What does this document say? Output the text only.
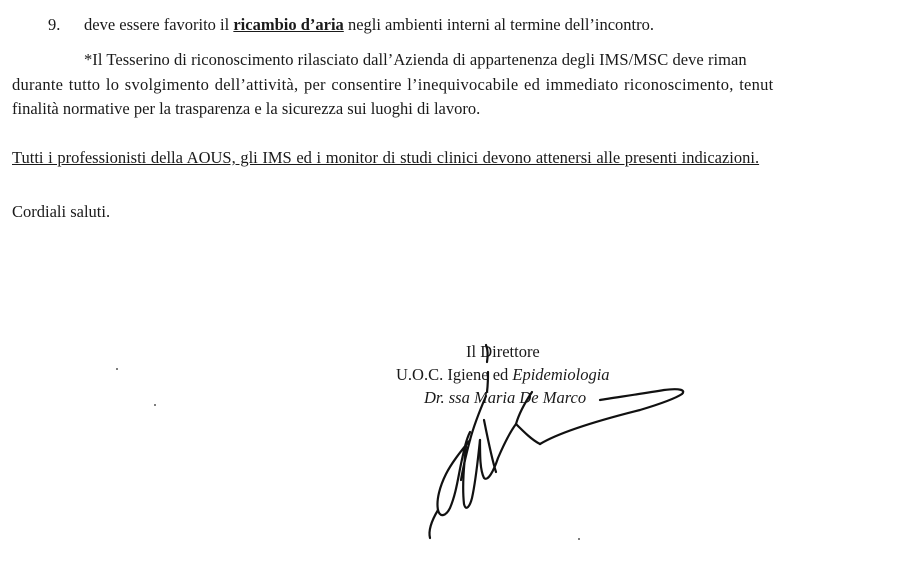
9. deve essere favorito il ricambio d’aria negli ambienti interni al termine dell’incontro.
*Il Tesserino di riconoscimento rilasciato dall’Azienda di appartenenza degli IMS/MSC deve riman
durante tutto lo svolgimento dell’attività, per consentire l’inequivocabile ed immediato riconoscimento, tenut
finalità normative per la trasparenza e la sicurezza sui luoghi di lavoro.
Tutti i professionisti della AOUS, gli IMS ed i monitor di studi clinici devono attenersi alle presenti indicazioni.
Cordiali saluti.
Il Direttore
U.O.C. Igiene ed Epidemiologia
Dr. ssa Maria De Marco
